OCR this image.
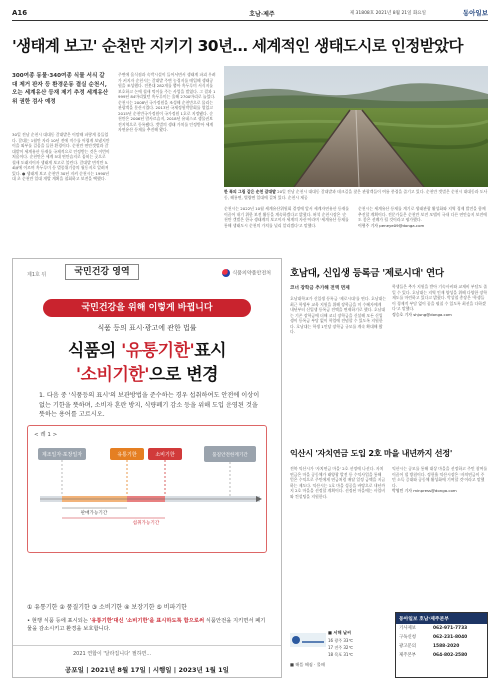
A16	호남·제주	제 31808호 2021년 8월 21일 화요일	동아일보
'생태계 보고' 순천만 지키기 30년… 세계적인 생태도시로 인정받았다
300여종 동물·340여종 식물 서식 갈대 제거 판자 등 환경운동 결실 순천시, 오는 세계유산 등재 제기 추정 세계유산위 권한 검사 예정
30일 전남 순천시 대대동 갈대밭은 이맘때 파랗게 물들었다. 갈대는 1월만 자라 10년 전에 적수를 어렵게 보냈지만 이을 외부를 걸음을 들한 환경이다. 순천만 연안갯벌과 갈대밭이 세계유산 등재를 국제적으로 인정받는 것은 이번이 처음이다. 순천만은 세계 5대 연안습지로 꼽히는 곳으로 철새 도래지이자 생태계 보고로 불린다. 갈대밭 면적만 5.4㎢에 이르며 흑두루미 등 멸종위기종의 월동지로 알려져 있다. ● 생태계 보고 순천만 30년 지켜 순천시는 1990년대 초 순천만 일대 개발 계획을 철회하고 보전을 택했다.
주변에 음식점과 숙박시설이 들어서면서 생태계 파괴 우려가 커지자 순천시는 갈대밭 주변 농경지를 매입해 생태공원을 조성했다. 전봇대 282개를 뽑아 흑두루미 서식지를 보호하고 논에 철새 먹이를 주는 사업을 벌였다. 그 결과 1999년 84마리였던 흑두루미는 올해 2700마리로 늘었다. 순천시는 2008년 국가정원을 조성해 순천만으로 몰리는 관광객을 분산시켰다. 2013년 국제정원박람회를 열었고 2015년 순천만국가정원이 국가정원 1호로 지정됐다. 순천만은 2006년 람사르습지, 2018년 유네스코 생물권보전지역으로 등록됐다. 갯벌의 생태 가치를 인정받아 세계자연유산 등재를 추진해 왔다.
한 폭의 그림 같은 순천 갈대밭 20일 전남 순천시 대대동 갈대밭과 데크길을 찾은 관광객들이 여름 풍경을 즐기고 있다. 순천만 갯벌은 순천시 대대동과 도사동, 해룡면, 별량면 일대에 걸쳐 있다. 순천시 제공
순천시는 2022년 10월 세계유산위원회 결정에 앞서 세계자연유산 등재를 이끌어 내기 위한 보전 활동을 계속하겠다고 밝혔다. 허석 순천시장은 '순천만 갯벌은 한국 생태계의 보고이자 세계의 자산'이라며 '세계유산 등재를 통해 생태도시 순천의 가치를 널리 알리겠다'고 말했다.
순천시는 세계유산 등재를 계기로 생태관광 활성화와 지역 경제 발전을 함께 추진할 계획이다. 전문가들은 순천만 보전 모델이 국내 다른 연안습지 보전에도 좋은 선례가 될 것이라고 평가했다.
이형주 기자 peneye09@donga.com
제1호 뒤	국민건강 영역	식품의약품안전처
국민건강을 위해 이렇게 바뀝니다
식품 등의 표시·광고에 관한 법률
식품의 '유통기한'표시
'소비기한'으로 변경
1. 다음 중 '식품등의 표시'의 보관방법을 준수하는 경우 섭취하여도 안전에 이상이 없는 기한을 뜻하며, 소비자 혼란 방지, 식량폐기 감소 등을 위해 도입 운영된 것을 뜻하는 용어를 고르시오.
< 례 1 >
제조일자·포장일자	유통기한	소비기한	품질안전한계기간
판매가능기간
섭취가능기간
① 유통기한 ② 품질기한 ③ 소비기한 ④ 보장기한 ⑤ 비파기한
• 현행 식품 등에 표시되는 '유통기한'대신 '소비기한'을 표시하도록 함으로써 식품안전을 지키면서 폐기물을 감소시키고 환경을 보호합니다.
2021 연합이 '달라집니다' 필하면...
공포일 | 2021년 8월 17일 | 시행일 | 2023년 1월 1일
호남대, 신입생 등록금 '제로시대' 연다
코너 장학금 추가해 전액 면제
호남대학교가 신입생 등록금 '제로시대'를 연다. 호남대는 최근 학생부 교육 지원을 위해 장학금을 미 수혜자에게 내년부터 신입생 등록금 전액을 면제하기로 했다. 호남대는 기존 장학금에 더해 코너 장학금을 신설해 모든 신입생이 등록금 부담 없이 학업에 전념할 수 있도록 지원한다. 호남대는 학생 1인당 장학금 규모를 계속 확대해 왔다.
학생들은 추가 지원을 받아 기숙사비와 교재비 부담도 줄일 수 있다. 호남대는 지역 인재 양성을 위해 다양한 장학 제도를 마련하고 있다고 밝혔다. 박상철 총장은 '학생들이 경제적 부담 없이 꿈을 펼칠 수 있도록 최선을 다하겠다'고 말했다.
정승호 기자 shjung@donga.com
익산시 '자치연금 도입 2호 마을 내년까지 선정'
전북 익산시가 '자치연금 마을' 2호 선정에 나선다. 자치연금은 마을 공동체가 태양광 발전 등 수익사업을 통해 얻은 수익으로 주민에게 연금처럼 매달 일정 금액을 지급하는 제도다. 익산시는 1호 마을 성공을 바탕으로 내년까지 2호 마을을 선정할 계획이다. 선정된 마을에는 사업비와 컨설팅을 지원한다.
익산시는 공모를 통해 대상 마을을 선정하고 주민 참여를 이끌어 낼 방침이다. 정헌율 익산시장은 '자치연금이 주민 소득 증대와 공동체 활성화에 기여할 것'이라고 말했다.
박영민 기자 minpress@donga.com
■ 서해 날씨
16 광주 33℃
17 전주 32℃
18 목포 31℃
■ 해뜸 해짐 · 물때
동아일보 호남·제주본부
기사제보	062-971-7733
구독신청	062-231-8040
광고문의	1588-2020
제주본부	064-802-2580
